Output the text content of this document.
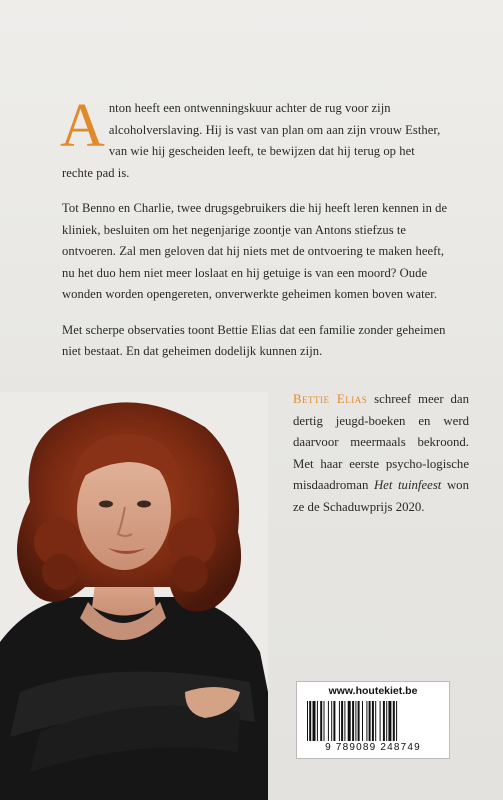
Anton heeft een ontwenningskuur achter de rug voor zijn alcoholverslaving. Hij is vast van plan om aan zijn vrouw Esther, van wie hij gescheiden leeft, te bewijzen dat hij terug op het rechte pad is.

Tot Benno en Charlie, twee drugsgebruikers die hij heeft leren kennen in de kliniek, besluiten om het negenjarige zoontje van Antons stiefzus te ontvoeren. Zal men geloven dat hij niets met de ontvoering te maken heeft, nu het duo hem niet meer loslaat en hij getuige is van een moord? Oude wonden worden opengereten, onverwerkte geheimen komen boven water.

Met scherpe observaties toont Bettie Elias dat een familie zonder geheimen niet bestaat. En dat geheimen dodelijk kunnen zijn.

Bettie Elias schreef meer dan dertig jeugd-boeken en werd daarvoor meermaals bekroond. Met haar eerste psycho-logische misdaadroman Het tuinfeest won ze de Schaduwprijs 2020.
www.houtekiet.be
9 789089 248749
